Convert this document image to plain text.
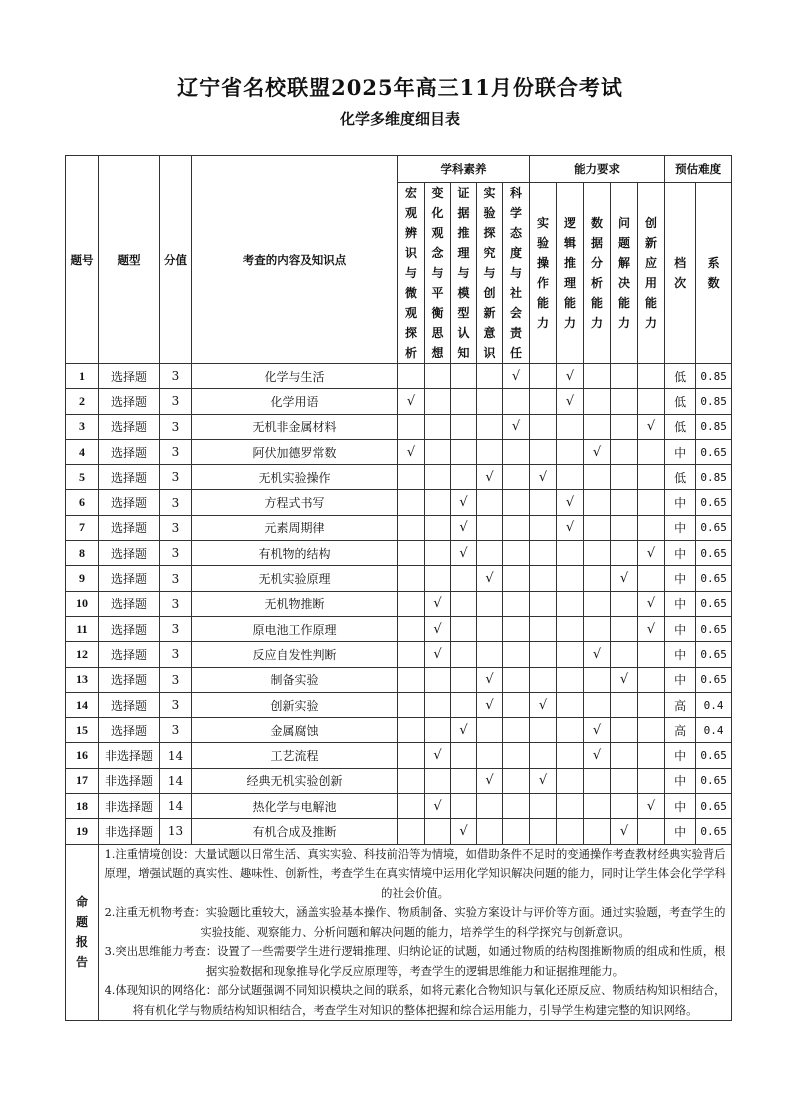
辽宁省名校联盟2025年高三11月份联合考试
化学多维度细目表
题号	题型	分值	考查的内容及知识点	学科素养					能力要求					预估难度	
				宏观辨识与微观探析	变化观念与平衡思想	证据推理与模型认知	实验探究与创新意识	科学态度与社会责任	实验操作能力	逻辑推理能力	数据分析能力	问题解决能力	创新应用能力	档次	系数
1	选择题	3	化学与生活					√		√				低	0.85
2	选择题	3	化学用语	√						√				低	0.85
3	选择题	3	无机非金属材料					√					√	低	0.85
4	选择题	3	阿伏加德罗常数	√							√			中	0.65
5	选择题	3	无机实验操作				√		√					低	0.85
6	选择题	3	方程式书写			√				√				中	0.65
7	选择题	3	元素周期律			√				√				中	0.65
8	选择题	3	有机物的结构			√							√	中	0.65
9	选择题	3	无机实验原理				√					√		中	0.65
10	选择题	3	无机物推断		√								√	中	0.65
11	选择题	3	原电池工作原理		√								√	中	0.65
12	选择题	3	反应自发性判断		√						√			中	0.65
13	选择题	3	制备实验				√					√		中	0.65
14	选择题	3	创新实验				√		√					高	0.4
15	选择题	3	金属腐蚀			√					√			高	0.4
16	非选择题	14	工艺流程		√						√			中	0.65
17	非选择题	14	经典无机实验创新				√		√					中	0.65
18	非选择题	14	热化学与电解池		√								√	中	0.65
19	非选择题	13	有机合成及推断			√						√		中	0.65
命题报告	1.注重情境创设：大量试题以日常生活、真实实验、科技前沿等为情境，如借助条件不足时的变通操作考查教材经典实验背后原理，增强试题的真实性、趣味性、创新性，考查学生在真实情境中运用化学知识解决问题的能力，同时让学生体会化学学科的社会价值。

2.注重无机物考查：实验题比重较大，涵盖实验基本操作、物质制备、实验方案设计与评价等方面。通过实验题，考查学生的实验技能、观察能力、分析问题和解决问题的能力，培养学生的科学探究与创新意识。

3.突出思维能力考查：设置了一些需要学生进行逻辑推理、归纳论证的试题，如通过物质的结构图推断物质的组成和性质，根据实验数据和现象推导化学反应原理等，考查学生的逻辑思维能力和证据推理能力。

4.体现知识的网络化：部分试题强调不同知识模块之间的联系，如将元素化合物知识与氧化还原反应、物质结构知识相结合，将有机化学与物质结构知识相结合，考查学生对知识的整体把握和综合运用能力，引导学生构建完整的知识网络。														
